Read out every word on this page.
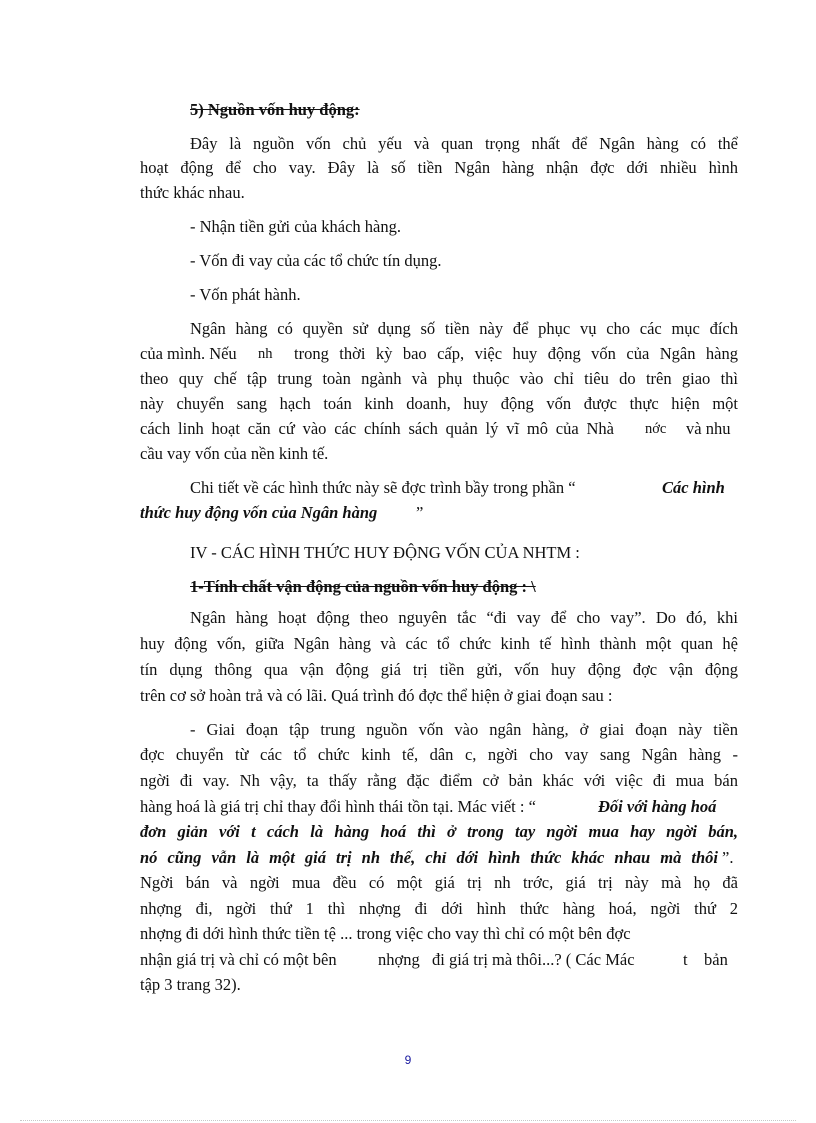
5) Nguồn vốn huy động:
Đây là nguồn vốn chủ yếu và quan trọng nhất để Ngân hàng có thể
hoạt động để cho vay. Đây là số tiền Ngân hàng nhận đợc dới nhiều hình
thức khác nhau.
- Nhận tiền gửi của khách hàng.
- Vốn đi vay của các tổ chức tín dụng.
- Vốn phát hành.
Ngân hàng có quyền sử dụng số tiền này để phục vụ cho các mục đích
của mình. Nếu nh trong thời kỳ bao cấp, việc huy động vốn của Ngân hàng
theo quy chế tập trung toàn ngành và phụ thuộc vào chỉ tiêu do trên giao thì
này chuyển sang hạch toán kinh doanh, huy động vốn được thực hiện một
cách linh hoạt căn cứ vào các chính sách quản lý vĩ mô của Nhà nớc và nhu
cầu vay vốn của nền kinh tế.
Chi tiết về các hình thức này sẽ đợc trình bầy trong phần “	Các hình
thức huy động vốn của Ngân hàng ”
IV - CÁC HÌNH THỨC HUY ĐỘNG VỐN CỦA NHTM :
1-Tính chất vận động của nguồn vốn huy động : \
Ngân hàng hoạt động theo nguyên tắc “đi vay để cho vay”. Do đó, khi
huy động vốn, giữa Ngân hàng và các tổ chức kinh tế hình thành một quan hệ
tín dụng thông qua vận động giá trị tiền gửi, vốn huy động đợc vận động
trên cơ sở hoàn trả và có lãi. Quá trình đó đợc thể hiện ở giai đoạn sau :
- Giai đoạn tập trung nguồn vốn vào ngân hàng, ở giai đoạn này tiền
đợc chuyển từ các tổ chức kinh tế, dân c, ngời cho vay sang Ngân hàng -
ngời đi vay. Nh vậy, ta thấy rằng đặc điểm cở bản khác với việc đi mua bán
hàng hoá là giá trị chỉ thay đổi hình thái tồn tại. Mác viết : “	Đối với hàng hoá
đơn giản với t cách là hàng hoá thì ở trong tay ngời mua hay ngời bán,
nó cũng vẫn là một giá trị nh thế, chỉ dới hình thức khác nhau mà thôi ”.
Ngời bán và ngời mua đều có một giá trị nh trớc, giá trị này mà họ đã
nhợng đi, ngời thứ 1 thì nhợng đi dới hình thức hàng hoá, ngời thứ 2
nhợng đi dới hình thức tiền tệ ... trong việc cho vay thì chỉ có một bên đợc
nhận giá trị và chỉ có một bên	nhợng đi giá trị mà thôi...? ( Các Mác	t bản
tập 3 trang 32).
9
